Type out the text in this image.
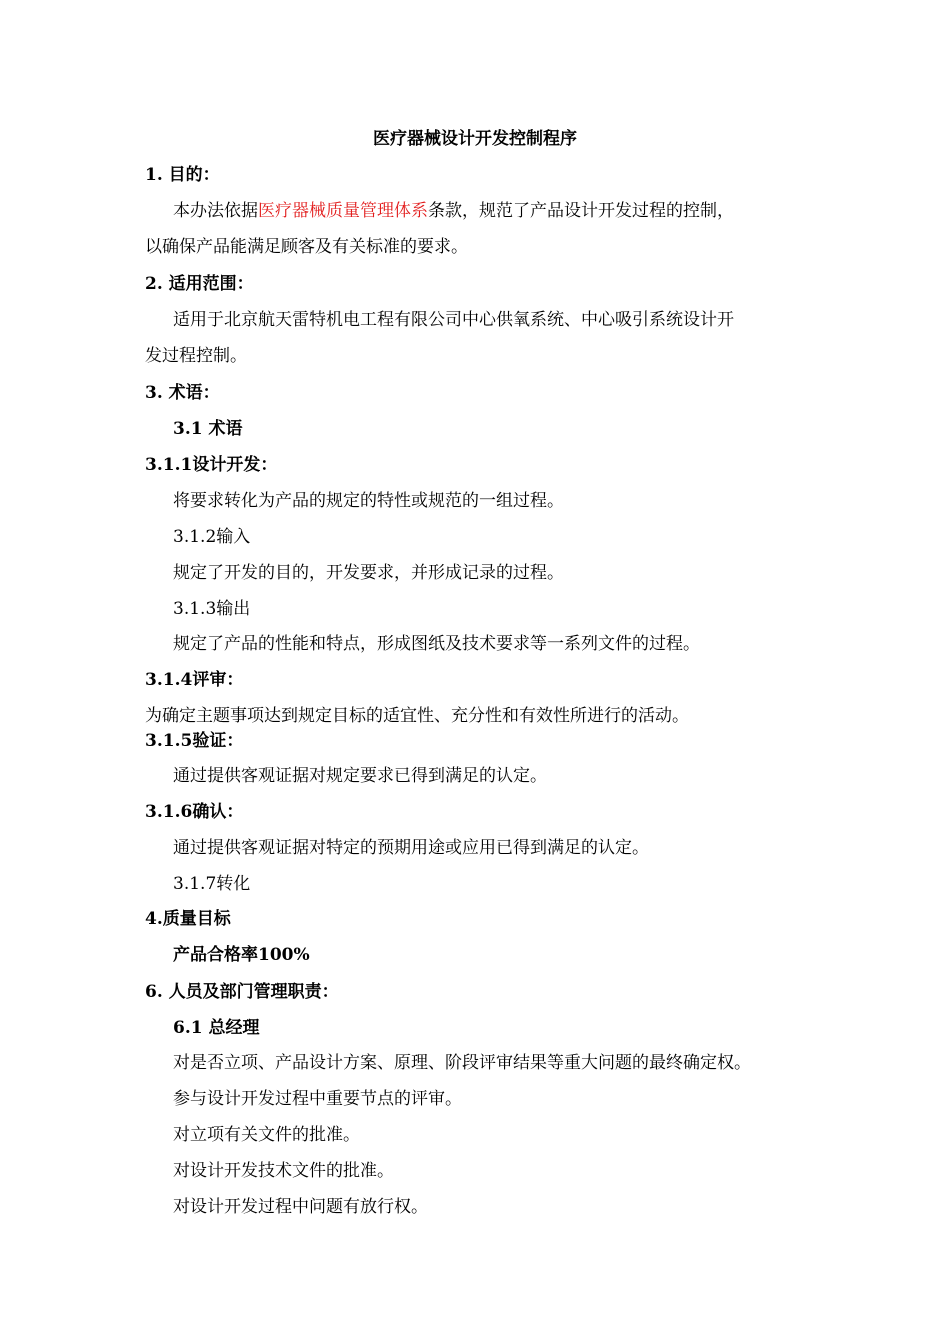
医疗器械设计开发控制程序
1. 目的：
本办法依据医疗器械质量管理体系条款，规范了产品设计开发过程的控制，
以确保产品能满足顾客及有关标准的要求。
2. 适用范围：
适用于北京航天雷特机电工程有限公司中心供氧系统、中心吸引系统设计开
发过程控制。
3. 术语：
3.1 术语
3.1.1设计开发：
将要求转化为产品的规定的特性或规范的一组过程。
3.1.2输入
规定了开发的目的，开发要求，并形成记录的过程。
3.1.3输出
规定了产品的性能和特点，形成图纸及技术要求等一系列文件的过程。
3.1.4评审：
为确定主题事项达到规定目标的适宜性、充分性和有效性所进行的活动。
3.1.5验证：
通过提供客观证据对规定要求已得到满足的认定。
3.1.6确认：
通过提供客观证据对特定的预期用途或应用已得到满足的认定。
3.1.7转化
4.质量目标
产品合格率100%
6. 人员及部门管理职责：
6.1 总经理
对是否立项、产品设计方案、原理、阶段评审结果等重大问题的最终确定权。
参与设计开发过程中重要节点的评审。
对立项有关文件的批准。
对设计开发技术文件的批准。
对设计开发过程中问题有放行权。
